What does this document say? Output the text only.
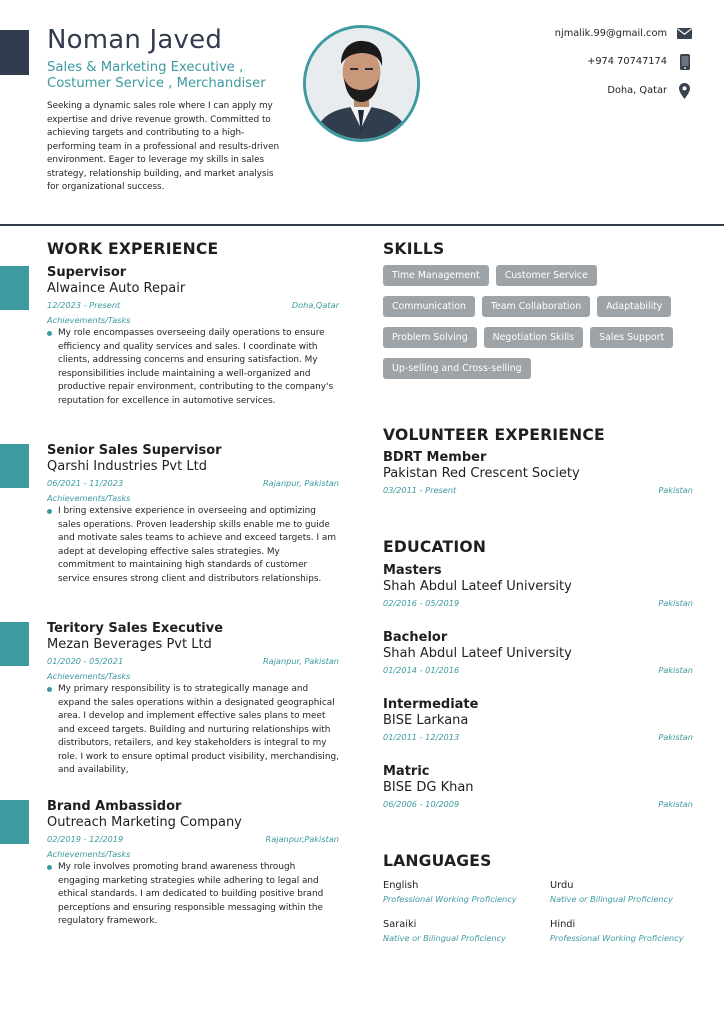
Noman Javed
Sales & Marketing Executive , Costumer Service , Merchandiser
Seeking a dynamic sales role where I can apply my expertise and drive revenue growth. Committed to achieving targets and contributing to a high-performing team in a professional and results-driven environment. Eager to leverage my skills in sales strategy, relationship building, and market analysis for organizational success.
njmalik.99@gmail.com
+974 70747174
Doha, Qatar
WORK EXPERIENCE
Supervisor
Alwaince Auto Repair
12/2023 - Present	Doha,Qatar
Achievements/Tasks
My role encompasses overseeing daily operations to ensure efficiency and quality services and sales. I coordinate with clients, addressing concerns and ensuring satisfaction. My responsibilities include maintaining a well-organized and productive repair environment, contributing to the company's reputation for excellence in automotive services.
Senior Sales Supervisor
Qarshi Industries Pvt Ltd
06/2021 - 11/2023	Rajanpur, Pakistan
Achievements/Tasks
I bring extensive experience in overseeing and optimizing sales operations. Proven leadership skills enable me to guide and motivate sales teams to achieve and exceed targets. I am adept at developing effective sales strategies. My commitment to maintaining high standards of customer service ensures strong client and distributors relationships.
Teritory Sales Executive
Mezan Beverages Pvt Ltd
01/2020 - 05/2021	Rajanpur, Pakistan
Achievements/Tasks
My primary responsibility is to strategically manage and expand the sales operations within a designated geographical area. I develop and implement effective sales plans to meet and exceed targets. Building and nurturing relationships with distributors, retailers, and key stakeholders is integral to my role. I work to ensure optimal product visibility, merchandising, and availability,
Brand Ambassidor
Outreach Marketing Company
02/2019 - 12/2019	Rajanpur,Pakistan
Achievements/Tasks
My role involves promoting brand awareness through engaging marketing strategies while adhering to legal and ethical standards. I am dedicated to building positive brand perceptions and ensuring responsible messaging within the regulatory framework.
SKILLS
Time Management	Customer Service
Communication	Team Collaboration	Adaptability
Problem Solving	Negotiation Skills	Sales Support
Up-selling and Cross-selling
VOLUNTEER EXPERIENCE
BDRT Member
Pakistan Red Crescent Society
03/2011 - Present	Pakistan
EDUCATION
Masters
Shah Abdul Lateef University
02/2016 - 05/2019	Pakistan
Bachelor
Shah Abdul Lateef University
01/2014 - 01/2016	Pakistan
Intermediate
BISE Larkana
01/2011 - 12/2013	Pakistan
Matric
BISE DG Khan
06/2006 - 10/2009	Pakistan
LANGUAGES
English
Professional Working Proficiency
Urdu
Native or Bilingual Proficiency
Saraiki
Native or Bilingual Proficiency
Hindi
Professional Working Proficiency
